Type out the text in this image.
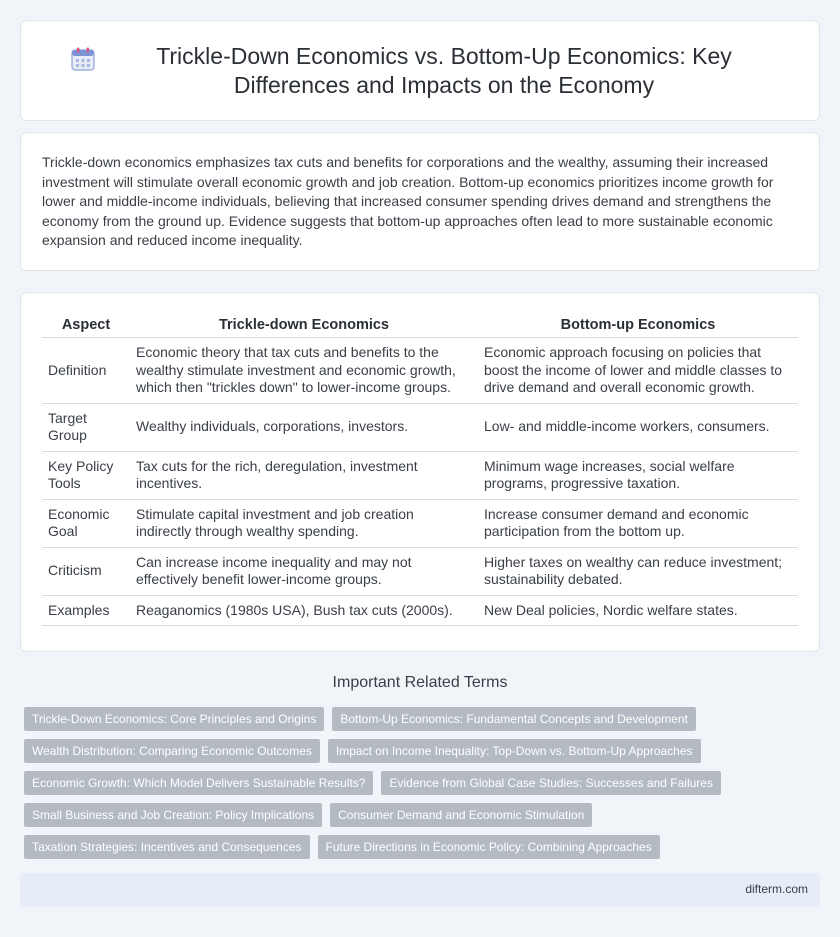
Trickle-Down Economics vs. Bottom-Up Economics: Key Differences and Impacts on the Economy

Trickle-down economics emphasizes tax cuts and benefits for corporations and the wealthy, assuming their increased investment will stimulate overall economic growth and job creation. Bottom-up economics prioritizes income growth for lower and middle-income individuals, believing that increased consumer spending drives demand and strengthens the economy from the ground up. Evidence suggests that bottom-up approaches often lead to more sustainable economic expansion and reduced income inequality.

Aspect	Trickle-down Economics	Bottom-up Economics
Definition	Economic theory that tax cuts and benefits to the wealthy stimulate investment and economic growth, which then "trickles down" to lower-income groups.	Economic approach focusing on policies that boost the income of lower and middle classes to drive demand and overall economic growth.
Target Group	Wealthy individuals, corporations, investors.	Low- and middle-income workers, consumers.
Key Policy Tools	Tax cuts for the rich, deregulation, investment incentives.	Minimum wage increases, social welfare programs, progressive taxation.
Economic Goal	Stimulate capital investment and job creation indirectly through wealthy spending.	Increase consumer demand and economic participation from the bottom up.
Criticism	Can increase income inequality and may not effectively benefit lower-income groups.	Higher taxes on wealthy can reduce investment; sustainability debated.
Examples	Reaganomics (1980s USA), Bush tax cuts (2000s).	New Deal policies, Nordic welfare states.
Important Related Terms
Trickle-Down Economics: Core Principles and Origins	Bottom-Up Economics: Fundamental Concepts and Development
Wealth Distribution: Comparing Economic Outcomes	Impact on Income Inequality: Top-Down vs. Bottom-Up Approaches
Economic Growth: Which Model Delivers Sustainable Results?	Evidence from Global Case Studies: Successes and Failures
Small Business and Job Creation: Policy Implications	Consumer Demand and Economic Stimulation
Taxation Strategies: Incentives and Consequences	Future Directions in Economic Policy: Combining Approaches
difterm.com
